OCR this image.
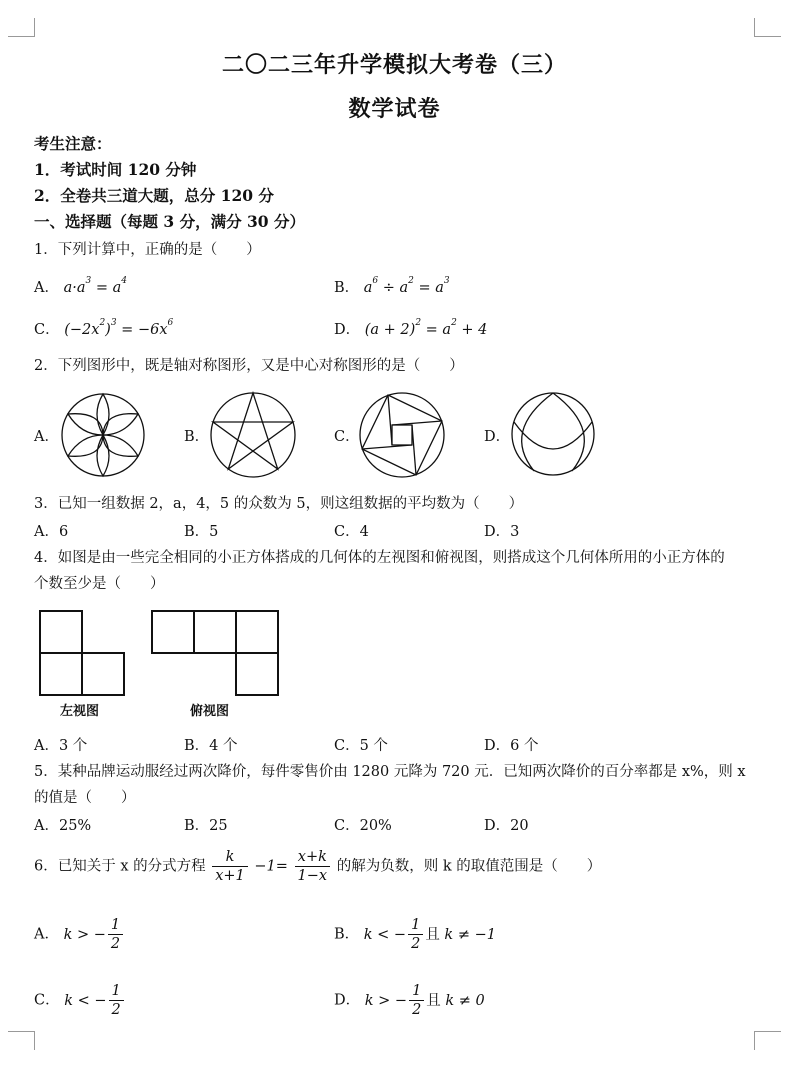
二〇二三年升学模拟大考卷（三）
数学试卷
考生注意：
1．考试时间 120 分钟
2．全卷共三道大题，总分 120 分
一、选择题（每题 3 分，满分 30 分）
1．下列计算中，正确的是（　　）
A． $a\cdot a^3 = a^4$	B． $a^6 \div a^2 = a^3$
C． $(-2x^2)^3 = -6x^6$	D． $(a + 2)^2 = a^2 + 4$
2．下列图形中，既是轴对称图形，又是中心对称图形的是（　　）
A．	B．	C．	D．
3．已知一组数据 2，a，4，5 的众数为 5，则这组数据的平均数为（　　）
A．6	B．5	C．4	D．3
4．如图是由一些完全相同的小正方体搭成的几何体的左视图和俯视图，则搭成这个几何体所用的小正方体的
个数至少是（　　）
左视图	俯视图
A．3 个	B．4 个	C．5 个	D．6 个
5．某种品牌运动服经过两次降价，每件零售价由 1280 元降为 720 元．已知两次降价的百分率都是 x%，则 x
的值是（　　）
A．25%	B．25	C．20%	D．20
6．已知关于 x 的分式方程 $\frac{k}{x+1} -1= \frac{x+k}{1-x}$ 的解为负数，则 k 的取值范围是（　　）
A． k > − $\frac{1}{2}$	B． k < − $\frac{1}{2}$ 且 k ≠ −1
C． k < − $\frac{1}{2}$	D． k > − $\frac{1}{2}$ 且 k ≠ 0
